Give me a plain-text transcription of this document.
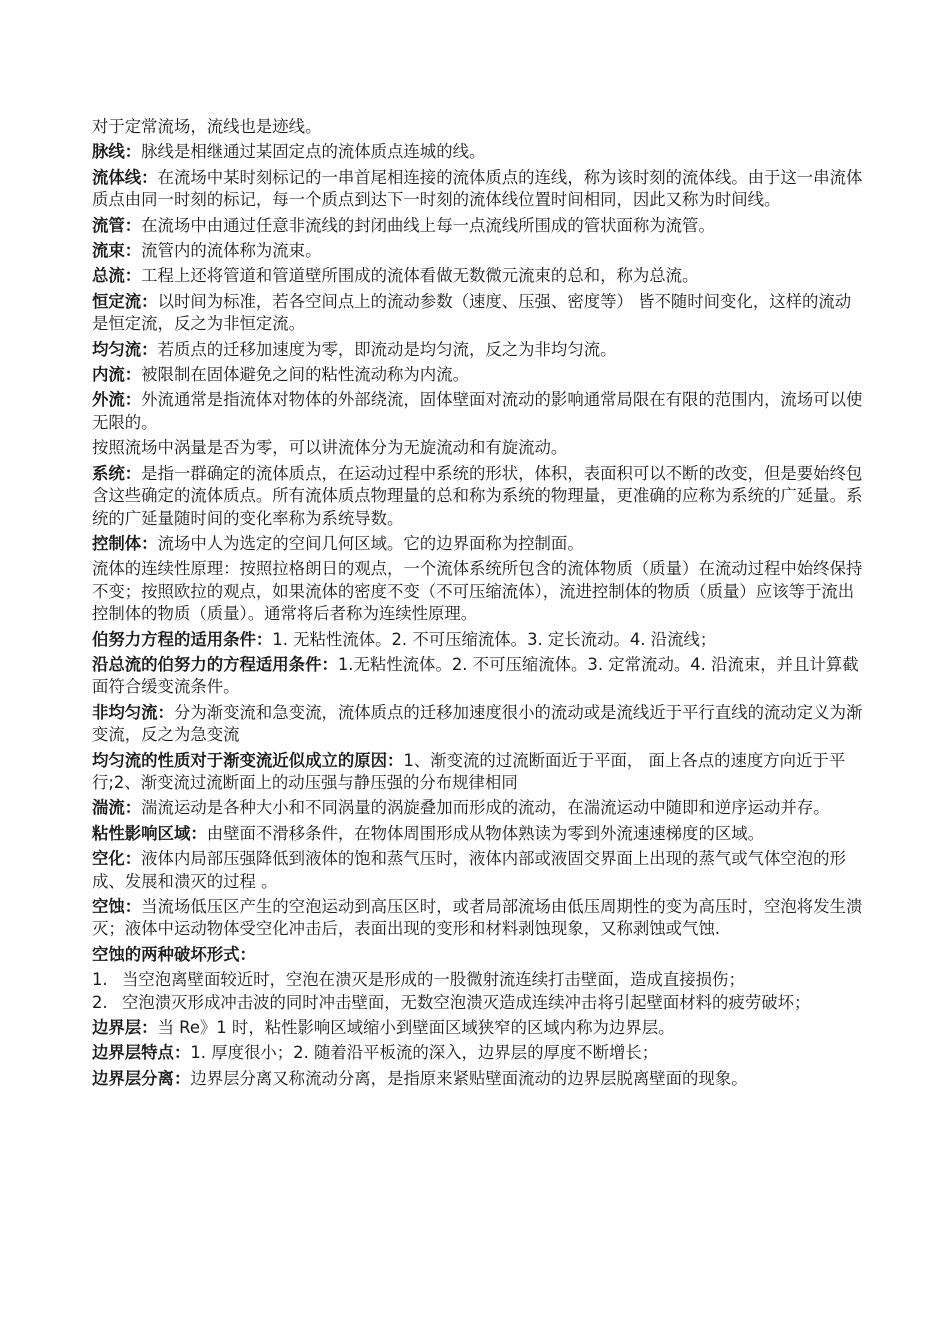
对于定常流场，流线也是迹线。
脉线：脉线是相继通过某固定点的流体质点连城的线。
流体线：在流场中某时刻标记的一串首尾相连接的流体质点的连线，称为该时刻的流体线。由于这一串流体质点由同一时刻的标记，每一个质点到达下一时刻的流体线位置时间相同，因此又称为时间线。
流管：在流场中由通过任意非流线的封闭曲线上每一点流线所围成的管状面称为流管。
流束：流管内的流体称为流束。
总流：工程上还将管道和管道壁所围成的流体看做无数微元流束的总和，称为总流。
恒定流：以时间为标准，若各空间点上的流动参数（速度、压强、密度等） 皆不随时间变化，这样的流动是恒定流，反之为非恒定流。
均匀流：若质点的迁移加速度为零，即流动是均匀流，反之为非均匀流。
内流：被限制在固体避免之间的粘性流动称为内流。
外流：外流通常是指流体对物体的外部绕流，固体壁面对流动的影响通常局限在有限的范围内，流场可以使无限的。
按照流场中涡量是否为零，可以讲流体分为无旋流动和有旋流动。
系统：是指一群确定的流体质点，在运动过程中系统的形状，体积，表面积可以不断的改变，但是要始终包含这些确定的流体质点。所有流体质点物理量的总和称为系统的物理量，更准确的应称为系统的广延量。系统的广延量随时间的变化率称为系统导数。
控制体：流场中人为选定的空间几何区域。它的边界面称为控制面。
流体的连续性原理：按照拉格朗日的观点，一个流体系统所包含的流体物质（质量）在流动过程中始终保持不变；按照欧拉的观点，如果流体的密度不变（不可压缩流体），流进控制体的物质（质量）应该等于流出控制体的物质（质量）。通常将后者称为连续性原理。
伯努力方程的适用条件：1. 无粘性流体。2. 不可压缩流体。3. 定长流动。4. 沿流线；
沿总流的伯努力的方程适用条件：1.无粘性流体。2. 不可压缩流体。3. 定常流动。4. 沿流束，并且计算截面符合缓变流条件。
非均匀流：分为渐变流和急变流，流体质点的迁移加速度很小的流动或是流线近于平行直线的流动定义为渐变流，反之为急变流
均匀流的性质对于渐变流近似成立的原因：1、渐变流的过流断面近于平面， 面上各点的速度方向近于平行;2、渐变流过流断面上的动压强与静压强的分布规律相同
湍流：湍流运动是各种大小和不同涡量的涡旋叠加而形成的流动，在湍流运动中随即和逆序运动并存。
粘性影响区域：由壁面不滑移条件，在物体周围形成从物体熟读为零到外流速速梯度的区域。
空化：液体内局部压强降低到液体的饱和蒸气压时，液体内部或液固交界面上出现的蒸气或气体空泡的形成、发展和溃灭的过程 。
空蚀：当流场低压区产生的空泡运动到高压区时，或者局部流场由低压周期性的变为高压时，空泡将发生溃灭；液体中运动物体受空化冲击后，表面出现的变形和材料剥蚀现象，又称剥蚀或气蚀.
空蚀的两种破坏形式：
1. 当空泡离壁面较近时，空泡在溃灭是形成的一股微射流连续打击壁面，造成直接损伤；
2. 空泡溃灭形成冲击波的同时冲击壁面，无数空泡溃灭造成连续冲击将引起壁面材料的疲劳破坏；
边界层：当 Re》1 时，粘性影响区域缩小到壁面区域狭窄的区域内称为边界层。
边界层特点：1. 厚度很小；2. 随着沿平板流的深入，边界层的厚度不断增长；
边界层分离：边界层分离又称流动分离，是指原来紧贴壁面流动的边界层脱离壁面的现象。
